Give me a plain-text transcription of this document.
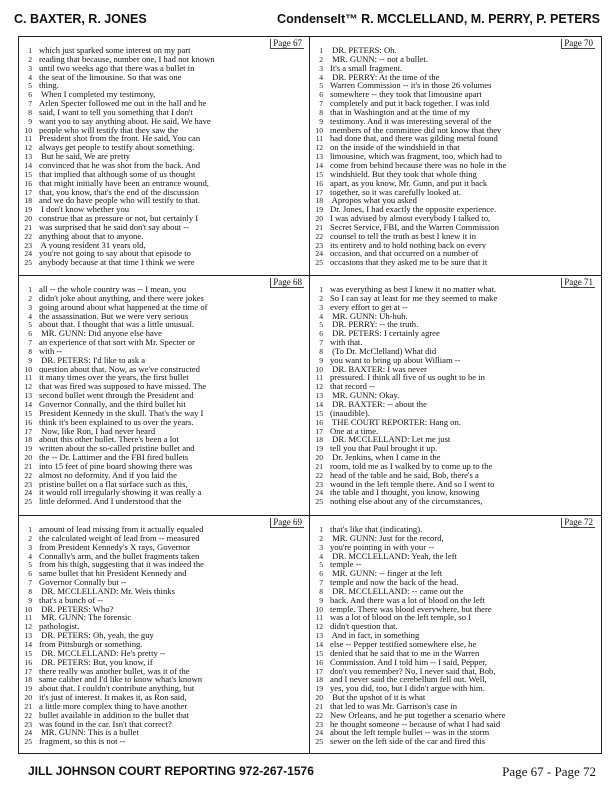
C. BAXTER, R. JONES	CondenseIt™ R. MCCLELLAND, M. PERRY, P. PETERS
Page 67
1 which just sparked some interest on my part
2 reading that because, number one, I had not known
3 until two weeks ago that there was a bullet in
4 the seat of the limousine. So that was one
5 thing.
6 When I completed my testimony,
7 Arlen Specter followed me out in the hall and he
8 said, I want to tell you something that I don't
9 want you to say anything about. He said, We have
10 people who will testify that they saw the
11 President shot from the front. He said, You can
12 always get people to testify about something.
13 But he said, We are pretty
14 convinced that he was shot from the back. And
15 that implied that although some of us thought
16 that might initially have been an entrance wound,
17 that, you know, that's the end of the discussion
18 and we do have people who will testify to that.
19 I don't know whether you
20 construe that as pressure or not, but certainly I
21 was surprised that he said don't say about --
22 anything about that to anyone.
23 A young resident 31 years old,
24 you're not going to say about that episode to
25 anybody because at that time I think we were
Page 70
1 DR. PETERS: Oh.
2 MR. GUNN: -- not a bullet.
3 It's a small fragment.
4 DR. PERRY: At the time of the
5 Warren Commission -- it's in those 26 volumes
6 somewhere -- they took that limousine apart
7 completely and put it back together. I was told
8 that in Washington and at the time of my
9 testimony. And it was interesting several of the
10 members of the committee did not know that they
11 had done that, and there was gilding metal found
12 on the inside of the windshield in that
13 limousine, which was fragment, too, which had to
14 come from behind because there was no hole in the
15 windshield. But they took that whole thing
16 apart, as you know, Mr. Gunn, and put it back
17 together, so it was carefully looked at.
18 Apropos what you asked
19 Dr. Jones, I had exactly the opposite experience.
20 I was advised by almost everybody I talked to,
21 Secret Service, FBI, and the Warren Commission
22 counsel to tell the truth as best I knew it in
23 its entirety and to hold nothing back on every
24 occasion, and that occurred on a number of
25 occasions that they asked me to be sure that it
Page 68
1 all -- the whole country was -- I mean, you
2 didn't joke about anything, and there were jokes
3 going around about what happened at the time of
4 the assassination. But we were very serious
5 about that. I thought that was a little unusual.
6 MR. GUNN: Did anyone else have
7 an experience of that sort with Mr. Specter or
8 with --
9 DR. PETERS: I'd like to ask a
10 question about that. Now, as we've constructed
11 it many times over the years, the first bullet
12 that was fired was supposed to have missed. The
13 second bullet went through the President and
14 Governor Connally, and the third bullet hit
15 President Kennedy in the skull. That's the way I
16 think it's been explained to us over the years.
17 Now, like Ron, I had never heard
18 about this other bullet. There's been a lot
19 written about the so-called pristine bullet and
20 the -- Dr. Lattimer and the FBI fired bullets
21 into 15 feet of pine board showing there was
22 almost no deformity. And if you laid the
23 pristine bullet on a flat surface such as this,
24 it would roll irregularly showing it was really a
25 little deformed. And I understood that the
Page 71
1 was everything as best I knew it no matter what.
2 So I can say at least for me they seemed to make
3 every effort to get at --
4 MR. GUNN: Uh-huh.
5 DR. PERRY: -- the truth.
6 DR. PETERS: I certainly agree
7 with that.
8 (To Dr. McClelland) What did
9 you want to bring up about William --
10 DR. BAXTER: I was never
11 pressured. I think all five of us ought to be in
12 that record --
13 MR. GUNN: Okay.
14 DR. BAXTER: -- about the
15 (inaudible).
16 THE COURT REPORTER: Hang on.
17 One at a time.
18 DR. MCCLELLAND: Let me just
19 tell you that Paul brought it up.
20 Dr. Jenkins, when I came in the
21 room, told me as I walked by to come up to the
22 head of the table and he said, Bob, there's a
23 wound in the left temple there. And so I went to
24 the table and I thought, you know, knowing
25 nothing else about any of the circumstances,
Page 69
1 amount of lead missing from it actually equaled
2 the calculated weight of lead from -- measured
3 from President Kennedy's X rays, Governor
4 Connally's arm, and the bullet fragments taken
5 from his thigh, suggesting that it was indeed the
6 same bullet that hit President Kennedy and
7 Governor Connally but --
8 DR. MCCLELLAND: Mr. Weis thinks
9 that's a bunch of --
10 DR. PETERS: Who?
11 MR. GUNN: The forensic
12 pathologist.
13 DR. PETERS: Oh, yeah, the guy
14 from Pittsburgh or something.
15 DR. MCCLELLAND: He's pretty --
16 DR. PETERS: But, you know, if
17 there really was another bullet, was it of the
18 same caliber and I'd like to know what's known
19 about that. I couldn't contribute anything, but
20 it's just of interest. It makes it, as Ron said,
21 a little more complex thing to have another
22 bullet available in addition to the bullet that
23 was found in the car. Isn't that correct?
24 MR. GUNN: This is a bullet
25 fragment, so this is not --
Page 72
1 that's like that (indicating).
2 MR. GUNN: Just for the record,
3 you're pointing in with your --
4 DR. MCCLELLAND: Yeah, the left
5 temple --
6 MR. GUNN: -- finger at the left
7 temple and now the back of the head.
8 DR. MCCLELLAND: -- came out the
9 back. And there was a lot of blood on the left
10 temple. There was blood everywhere, but there
11 was a lot of blood on the left temple, so I
12 didn't question that.
13 And in fact, in something
14 else -- Pepper testified somewhere else, he
15 denied that he said that to me in the Warren
16 Commission. And I told him -- I said, Pepper,
17 don't you remember? No, I never said that, Bob,
18 and I never said the cerebellum fell out. Well,
19 yes, you did, too, but I didn't argue with him.
20 But the upshot of it is what
21 that led to was Mr. Garrison's case in
22 New Orleans, and he put together a scenario where
23 he thought someone -- because of what I had said
24 about the left temple bullet -- was in the storm
25 sewer on the left side of the car and fired this
JILL JOHNSON COURT REPORTING 972-267-1576	Page 67 - Page 72
